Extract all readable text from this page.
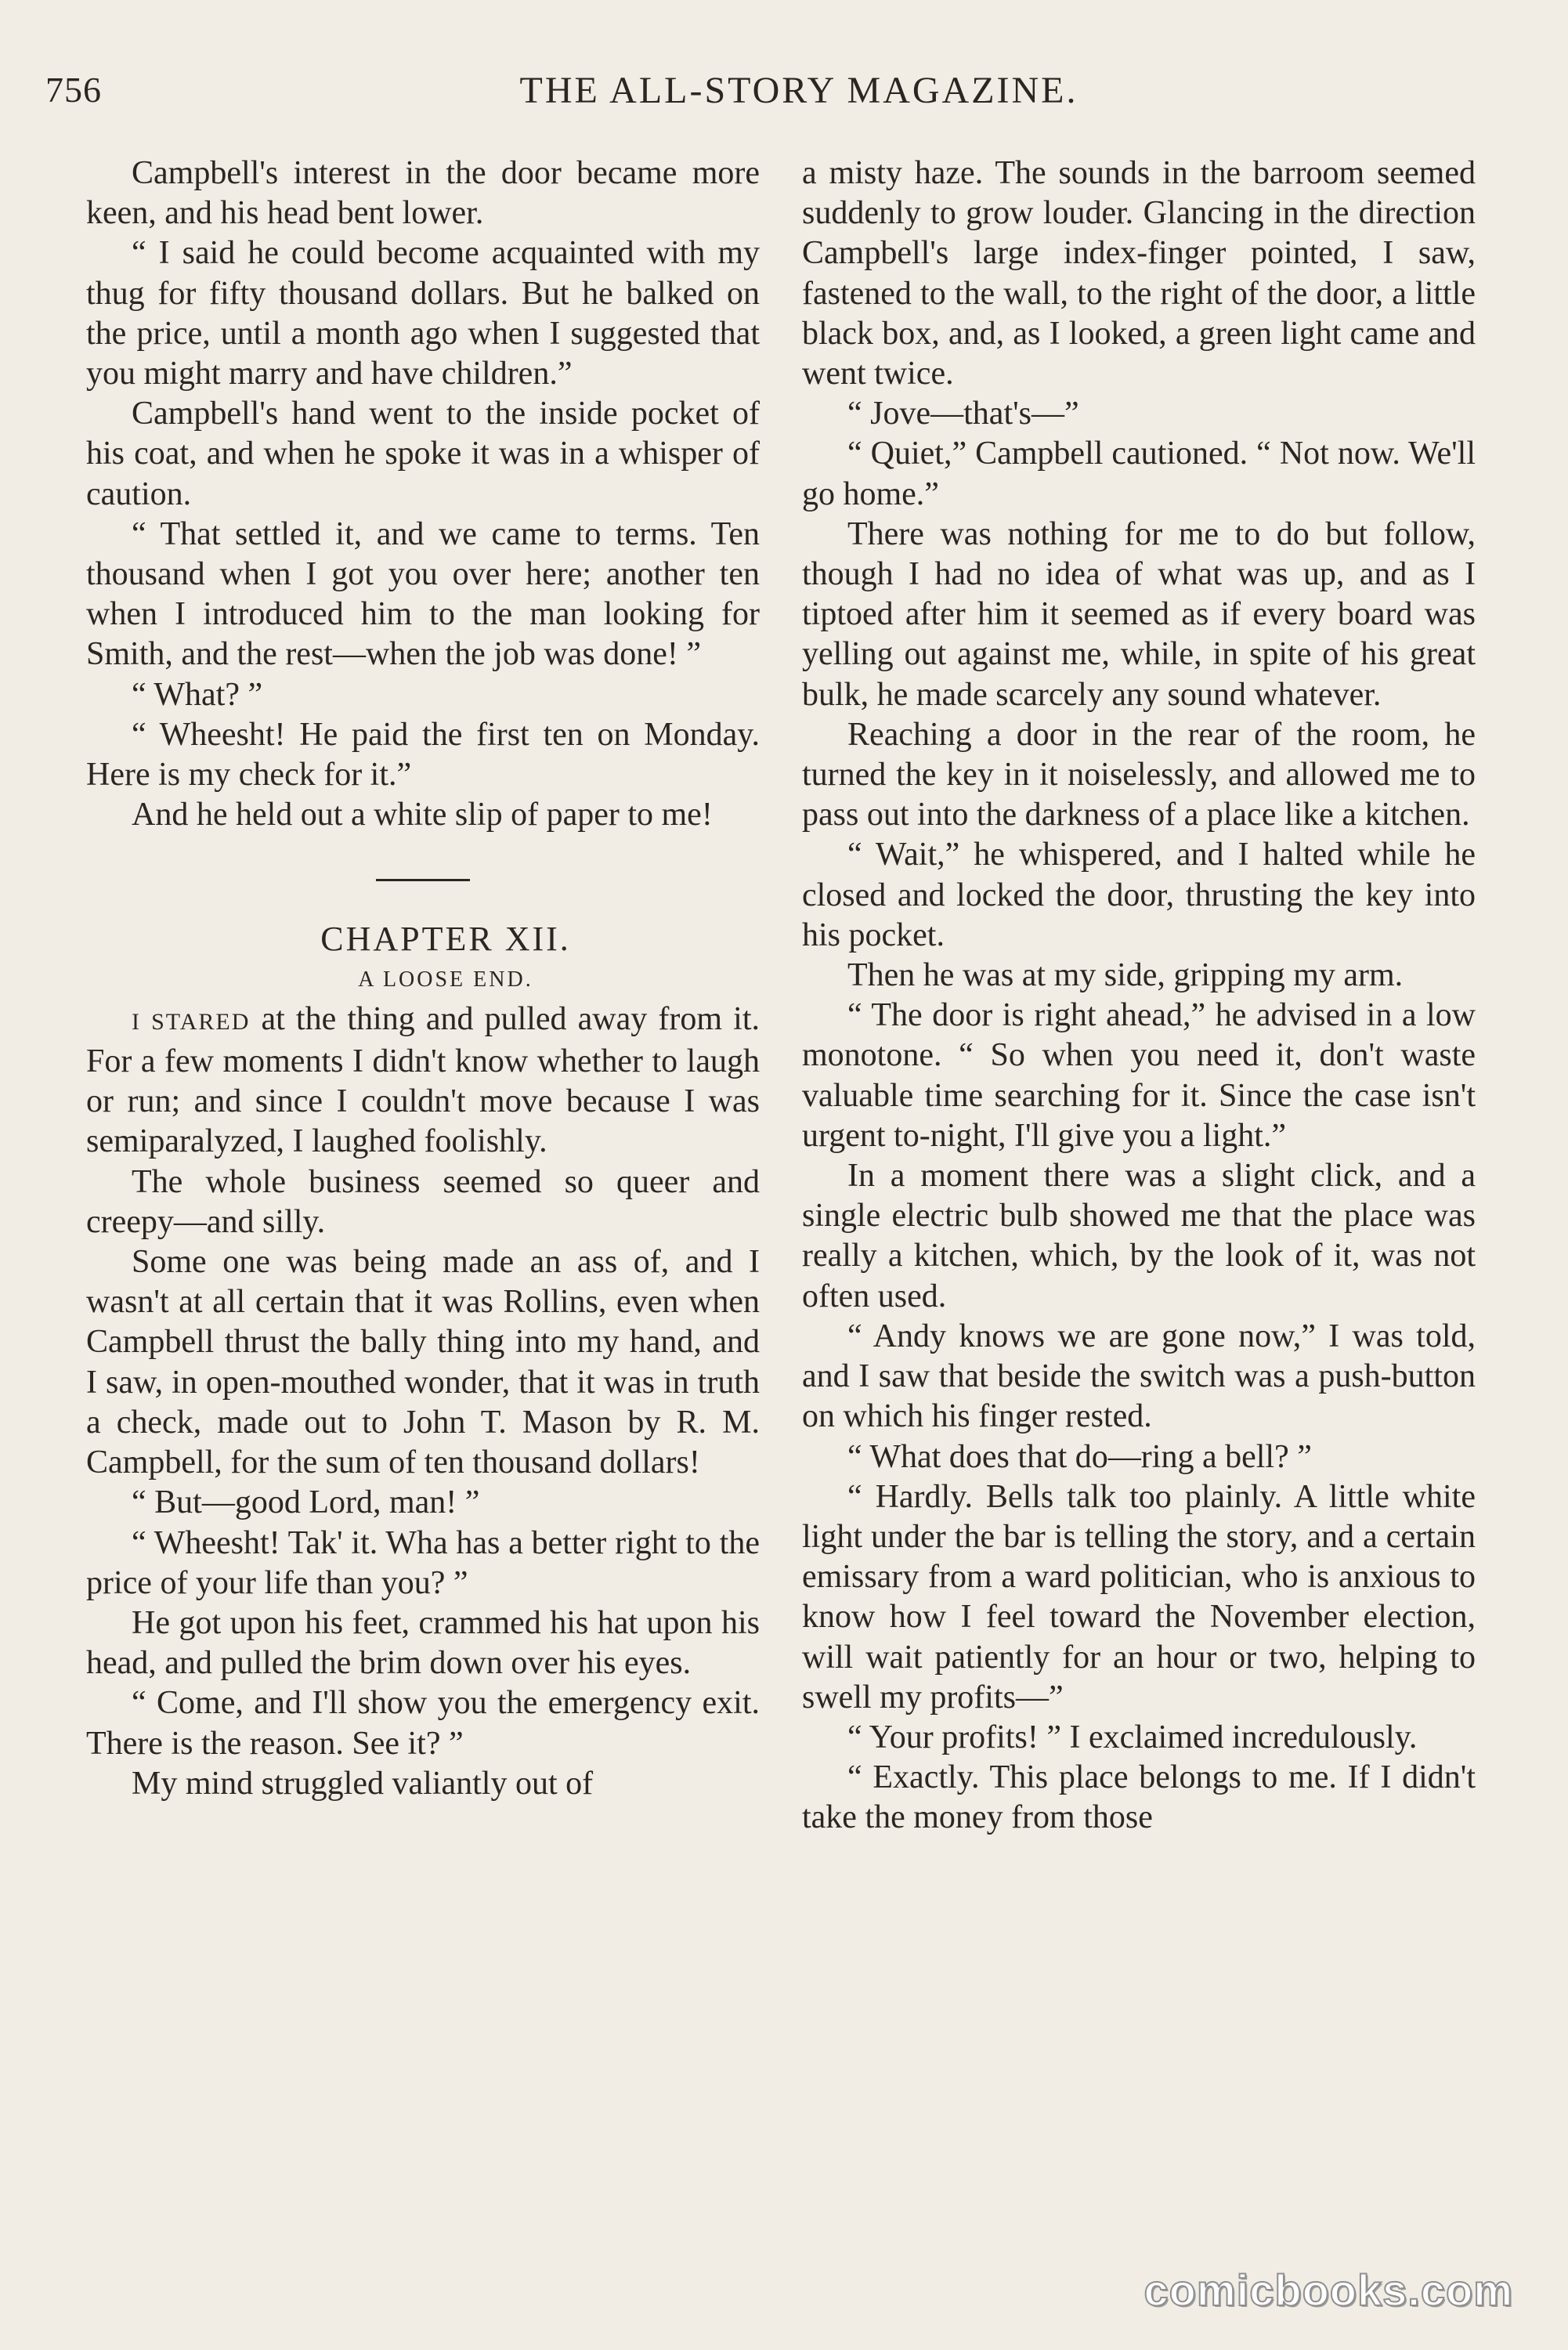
756	THE ALL-STORY MAGAZINE.

Campbell's interest in the door became more keen, and his head bent lower.

“ I said he could become acquainted with my thug for fifty thousand dollars. But he balked on the price, until a month ago when I suggested that you might marry and have children.”

Campbell's hand went to the inside pocket of his coat, and when he spoke it was in a whisper of caution.

“ That settled it, and we came to terms. Ten thousand when I got you over here; another ten when I introduced him to the man looking for Smith, and the rest—when the job was done! ”

“ What? ”

“ Wheesht! He paid the first ten on Monday. Here is my check for it.”

And he held out a white slip of paper to me!

CHAPTER XII.

A LOOSE END.

I STARED at the thing and pulled away from it. For a few moments I didn't know whether to laugh or run; and since I couldn't move because I was semiparalyzed, I laughed foolishly.

The whole business seemed so queer and creepy—and silly.

Some one was being made an ass of, and I wasn't at all certain that it was Rollins, even when Campbell thrust the bally thing into my hand, and I saw, in open-mouthed wonder, that it was in truth a check, made out to John T. Mason by R. M. Campbell, for the sum of ten thousand dollars!

“ But—good Lord, man! ”

“ Wheesht! Tak' it. Wha has a better right to the price of your life than you? ”

He got upon his feet, crammed his hat upon his head, and pulled the brim down over his eyes.

“ Come, and I'll show you the emergency exit. There is the reason. See it? ”

My mind struggled valiantly out of

a misty haze. The sounds in the barroom seemed suddenly to grow louder. Glancing in the direction Campbell's large index-finger pointed, I saw, fastened to the wall, to the right of the door, a little black box, and, as I looked, a green light came and went twice.

“ Jove—that's—”

“ Quiet,” Campbell cautioned. “ Not now. We'll go home.”

There was nothing for me to do but follow, though I had no idea of what was up, and as I tiptoed after him it seemed as if every board was yelling out against me, while, in spite of his great bulk, he made scarcely any sound whatever.

Reaching a door in the rear of the room, he turned the key in it noiselessly, and allowed me to pass out into the darkness of a place like a kitchen.

“ Wait,” he whispered, and I halted while he closed and locked the door, thrusting the key into his pocket.

Then he was at my side, gripping my arm.

“ The door is right ahead,” he advised in a low monotone. “ So when you need it, don't waste valuable time searching for it. Since the case isn't urgent to-night, I'll give you a light.”

In a moment there was a slight click, and a single electric bulb showed me that the place was really a kitchen, which, by the look of it, was not often used.

“ Andy knows we are gone now,” I was told, and I saw that beside the switch was a push-button on which his finger rested.

“ What does that do—ring a bell? ”

“ Hardly. Bells talk too plainly. A little white light under the bar is telling the story, and a certain emissary from a ward politician, who is anxious to know how I feel toward the November election, will wait patiently for an hour or two, helping to swell my profits—”

“ Your profits! ” I exclaimed incredulously.

“ Exactly. This place belongs to me. If I didn't take the money from those

comicbooks.com
